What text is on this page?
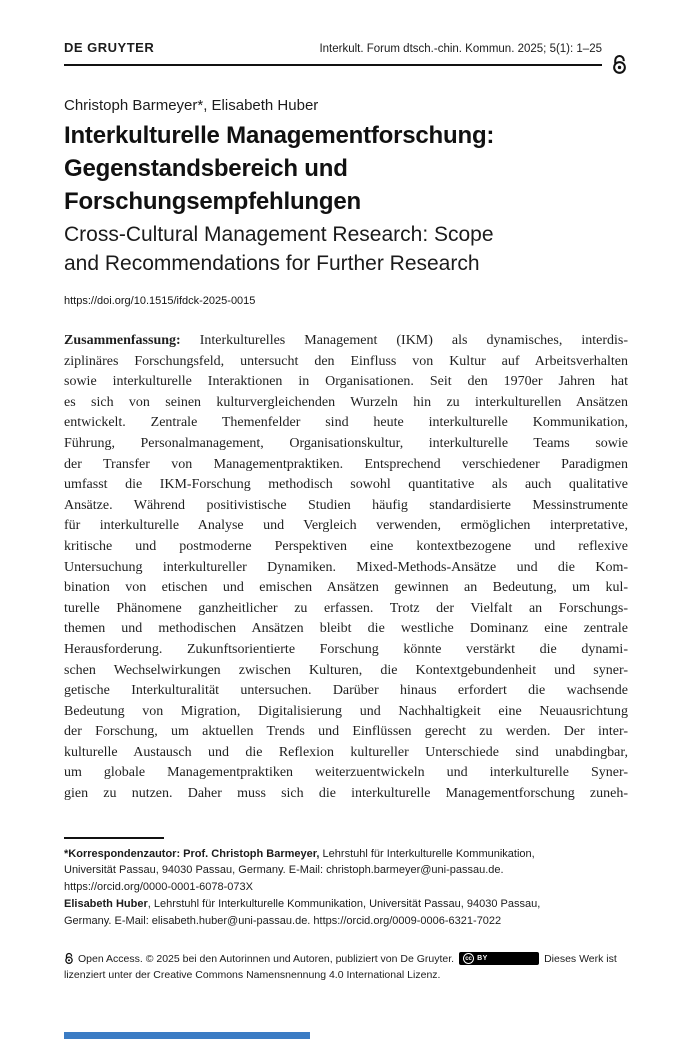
DE GRUYTER	Interkult. Forum dtsch.-chin. Kommun. 2025; 5(1): 1–25
Christoph Barmeyer*, Elisabeth Huber
Interkulturelle Managementforschung:
Gegenstandsbereich und
Forschungsempfehlungen
Cross-Cultural Management Research: Scope
and Recommendations for Further Research
https://doi.org/10.1515/ifdck-2025-0015
Zusammenfassung: Interkulturelles Management (IKM) als dynamisches, interdis-
ziplinäres Forschungsfeld, untersucht den Einfluss von Kultur auf Arbeitsverhalten
sowie interkulturelle Interaktionen in Organisationen. Seit den 1970er Jahren hat
es sich von seinen kulturvergleichenden Wurzeln hin zu interkulturellen Ansätzen
entwickelt. Zentrale Themenfelder sind heute interkulturelle Kommunikation,
Führung, Personalmanagement, Organisationskultur, interkulturelle Teams sowie
der Transfer von Managementpraktiken. Entsprechend verschiedener Paradigmen
umfasst die IKM-Forschung methodisch sowohl quantitative als auch qualitative
Ansätze. Während positivistische Studien häufig standardisierte Messinstrumente
für interkulturelle Analyse und Vergleich verwenden, ermöglichen interpretative,
kritische und postmoderne Perspektiven eine kontextbezogene und reflexive
Untersuchung interkultureller Dynamiken. Mixed-Methods-Ansätze und die Kom-
bination von etischen und emischen Ansätzen gewinnen an Bedeutung, um kul-
turelle Phänomene ganzheitlicher zu erfassen. Trotz der Vielfalt an Forschungs-
themen und methodischen Ansätzen bleibt die westliche Dominanz eine zentrale
Herausforderung. Zukunftsorientierte Forschung könnte verstärkt die dynami-
schen Wechselwirkungen zwischen Kulturen, die Kontextgebundenheit und syner-
getische Interkulturalität untersuchen. Darüber hinaus erfordert die wachsende
Bedeutung von Migration, Digitalisierung und Nachhaltigkeit eine Neuausrichtung
der Forschung, um aktuellen Trends und Einflüssen gerecht zu werden. Der inter-
kulturelle Austausch und die Reflexion kultureller Unterschiede sind unabdingbar,
um globale Managementpraktiken weiterzuentwickeln und interkulturelle Syner-
gien zu nutzen. Daher muss sich die interkulturelle Managementforschung zuneh-
*Korrespondenzautor: Prof. Christoph Barmeyer, Lehrstuhl für Interkulturelle Kommunikation,
Universität Passau, 94030 Passau, Germany. E-Mail: christoph.barmeyer@uni-passau.de.
https://orcid.org/0000-0001-6078-073X
Elisabeth Huber, Lehrstuhl für Interkulturelle Kommunikation, Universität Passau, 94030 Passau,
Germany. E-Mail: elisabeth.huber@uni-passau.de. https://orcid.org/0009-0006-6321-7022
Open Access. © 2025 bei den Autorinnen und Autoren, publiziert von De Gruyter.	cc BY	Dieses Werk ist
lizenziert unter der Creative Commons Namensnennung 4.0 International Lizenz.
